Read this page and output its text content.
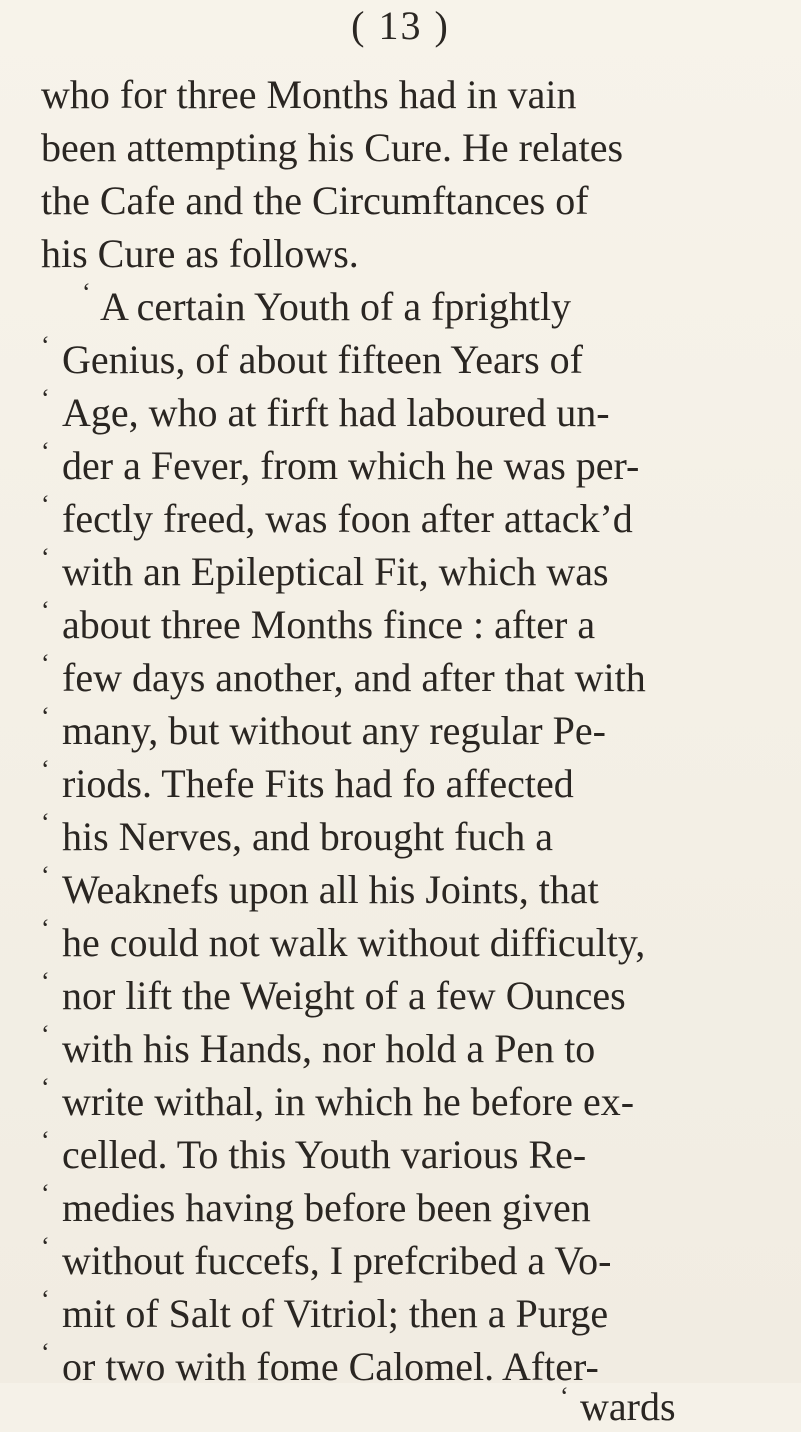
( 13 )
who for three Months had in vain
been attempting his Cure. He relates
the Cafe and the Circumftances of
his Cure as follows.
‘ A certain Youth of a fprightly
‘ Genius, of about fifteen Years of
‘ Age, who at firft had laboured un-
‘ der a Fever, from which he was per-
‘ fectly freed, was foon after attack’d
‘ with an Epileptical Fit, which was
‘ about three Months fince : after a
‘ few days another, and after that with
‘ many, but without any regular Pe-
‘ riods. Thefe Fits had fo affected
‘ his Nerves, and brought fuch a
‘ Weaknefs upon all his Joints, that
‘ he could not walk without difficulty,
‘ nor lift the Weight of a few Ounces
‘ with his Hands, nor hold a Pen to
‘ write withal, in which he before ex-
‘ celled. To this Youth various Re-
‘ medies having before been given
‘ without fuccefs, I prefcribed a Vo-
‘ mit of Salt of Vitriol; then a Purge
‘ or two with fome Calomel. After-
‘ wards
